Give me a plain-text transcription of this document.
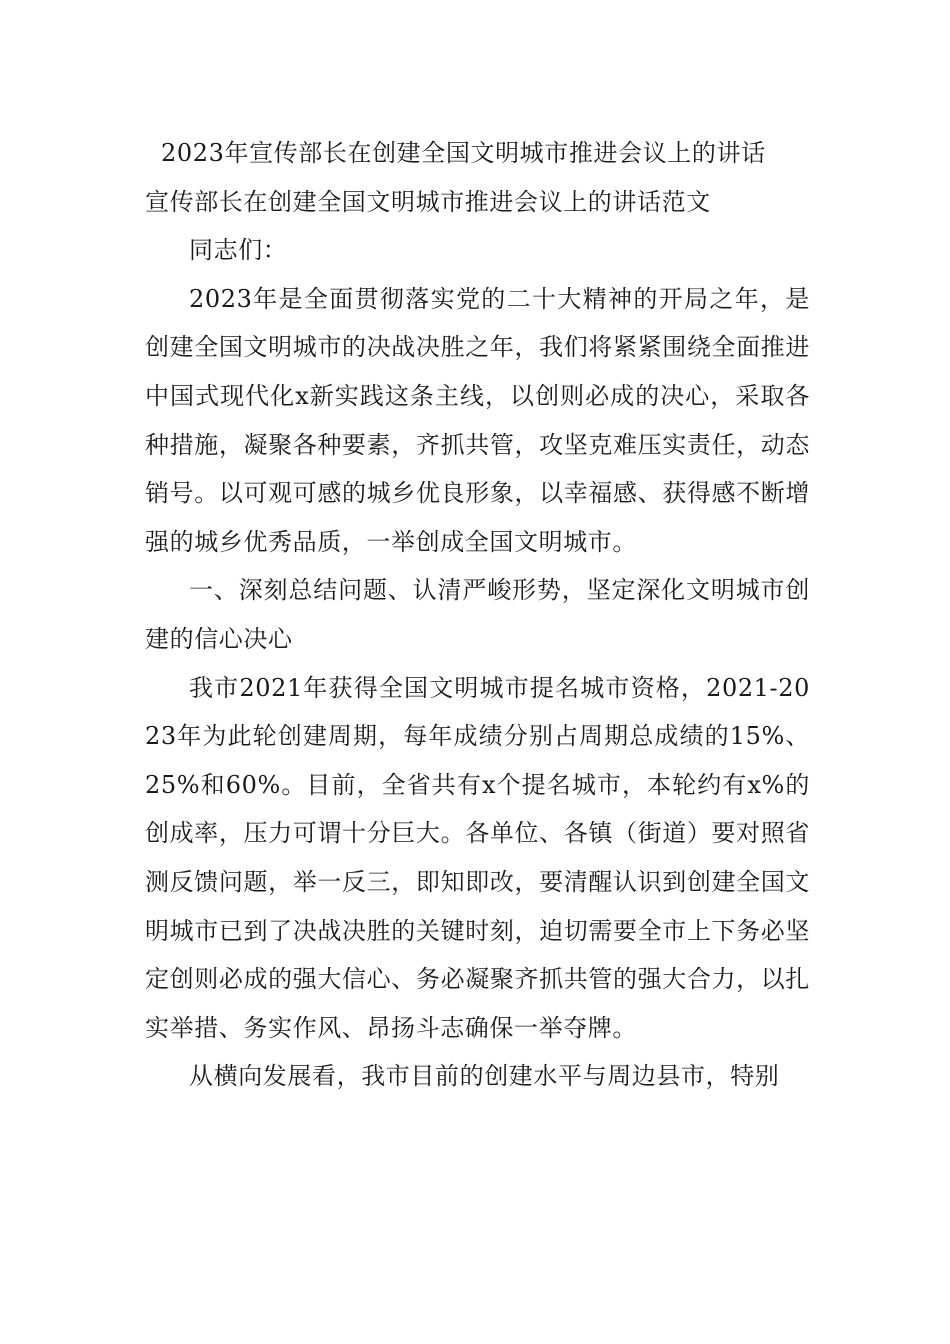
2023年宣传部长在创建全国文明城市推进会议上的讲话
宣传部长在创建全国文明城市推进会议上的讲话范文

同志们：

2023年是全面贯彻落实党的二十大精神的开局之年，是创建全国文明城市的决战决胜之年，我们将紧紧围绕全面推进中国式现代化x新实践这条主线，以创则必成的决心，采取各种措施，凝聚各种要素，齐抓共管，攻坚克难压实责任，动态销号。以可观可感的城乡优良形象，以幸福感、获得感不断增强的城乡优秀品质，一举创成全国文明城市。

一、深刻总结问题、认清严峻形势，坚定深化文明城市创建的信心决心

我市2021年获得全国文明城市提名城市资格，2021-2023年为此轮创建周期，每年成绩分别占周期总成绩的15%、25%和60%。目前，全省共有x个提名城市，本轮约有x%的创成率，压力可谓十分巨大。各单位、各镇（街道）要对照省测反馈问题，举一反三，即知即改，要清醒认识到创建全国文明城市已到了决战决胜的关键时刻，迫切需要全市上下务必坚定创则必成的强大信心、务必凝聚齐抓共管的强大合力，以扎实举措、务实作风、昂扬斗志确保一举夺牌。

从横向发展看，我市目前的创建水平与周边县市，特别
